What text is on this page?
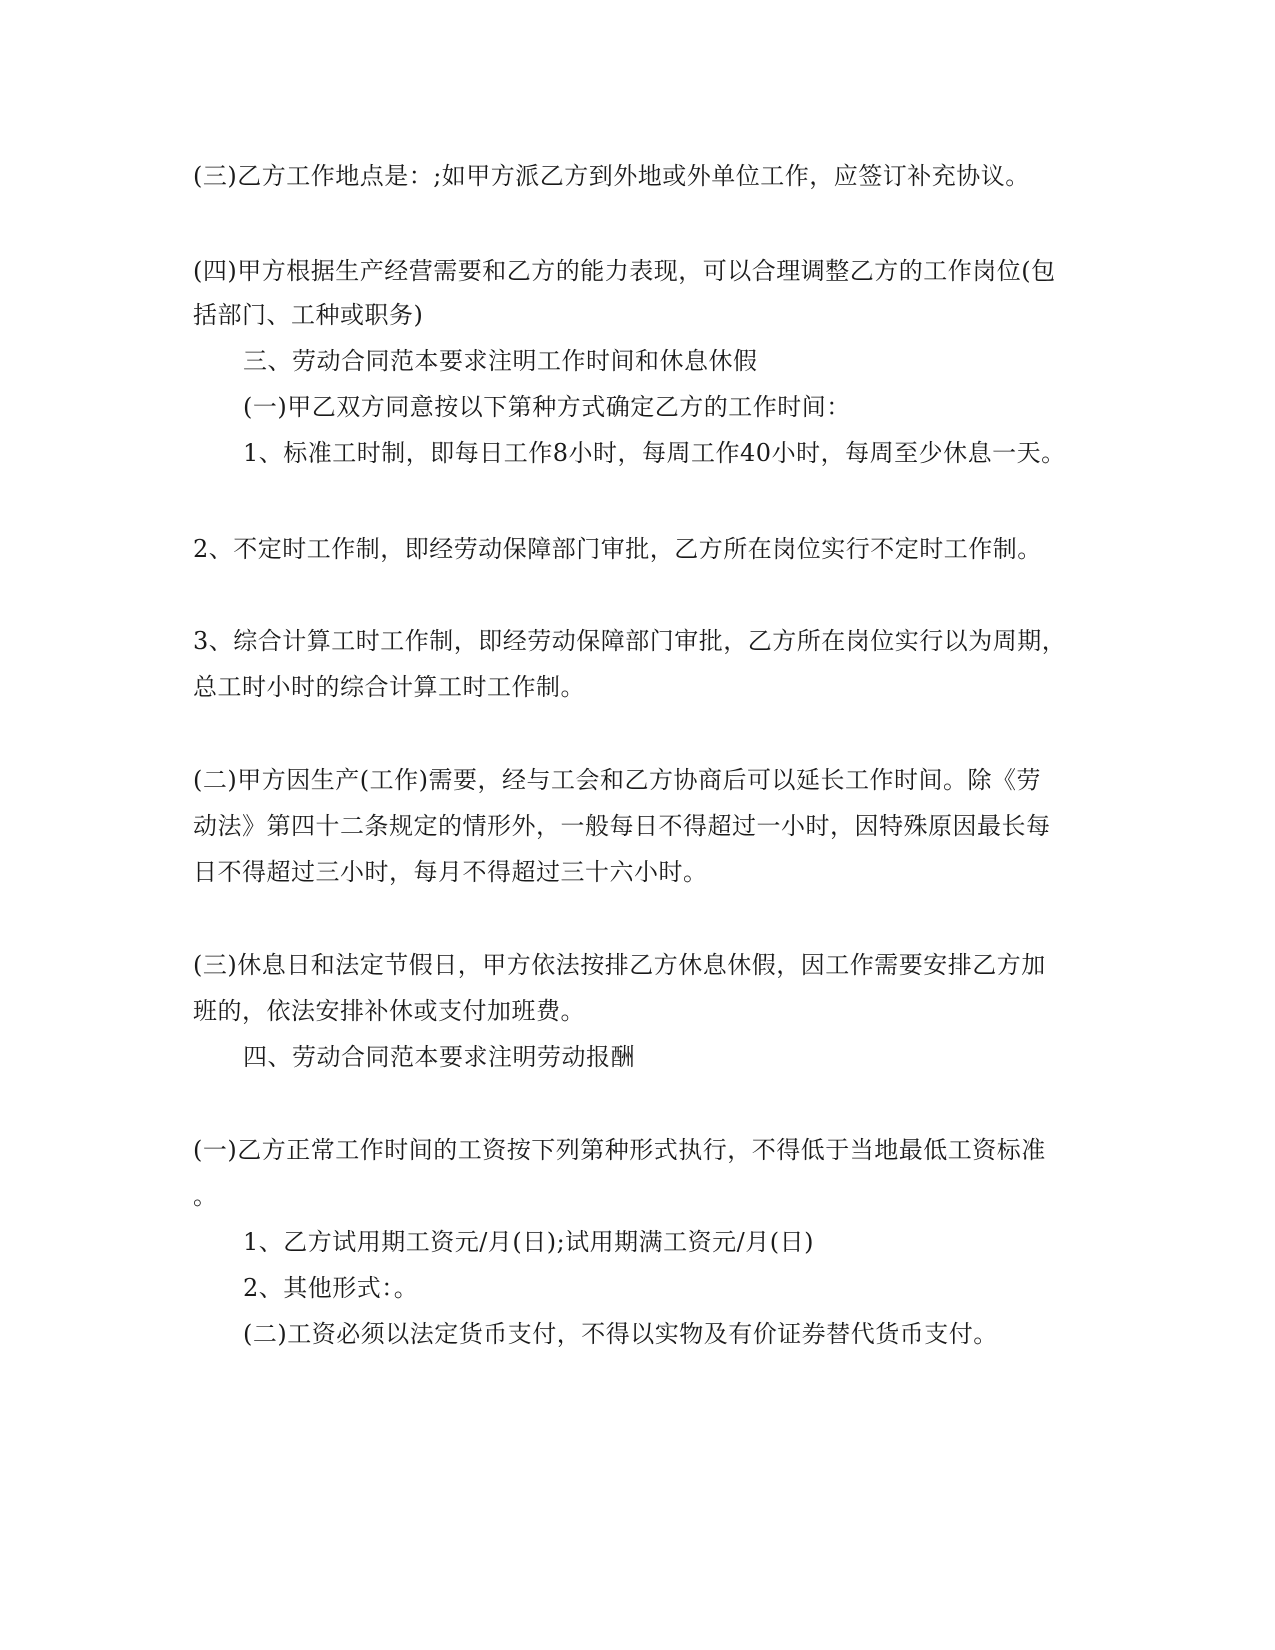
(三)乙方工作地点是：;如甲方派乙方到外地或外单位工作，应签订补充协议。

(四)甲方根据生产经营需要和乙方的能力表现，可以合理调整乙方的工作岗位(包

括部门、工种或职务)

三、劳动合同范本要求注明工作时间和休息休假

(一)甲乙双方同意按以下第种方式确定乙方的工作时间：

1、标准工时制，即每日工作8小时，每周工作40小时，每周至少休息一天。

2、不定时工作制，即经劳动保障部门审批，乙方所在岗位实行不定时工作制。

3、综合计算工时工作制，即经劳动保障部门审批，乙方所在岗位实行以为周期，

总工时小时的综合计算工时工作制。

(二)甲方因生产(工作)需要，经与工会和乙方协商后可以延长工作时间。除《劳

动法》第四十二条规定的情形外，一般每日不得超过一小时，因特殊原因最长每

日不得超过三小时，每月不得超过三十六小时。

(三)休息日和法定节假日，甲方依法按排乙方休息休假，因工作需要安排乙方加

班的，依法安排补休或支付加班费。

四、劳动合同范本要求注明劳动报酬

(一)乙方正常工作时间的工资按下列第种形式执行，不得低于当地最低工资标准

。

1、乙方试用期工资元/月(日);试用期满工资元/月(日)

2、其他形式：。

(二)工资必须以法定货币支付，不得以实物及有价证券替代货币支付。
